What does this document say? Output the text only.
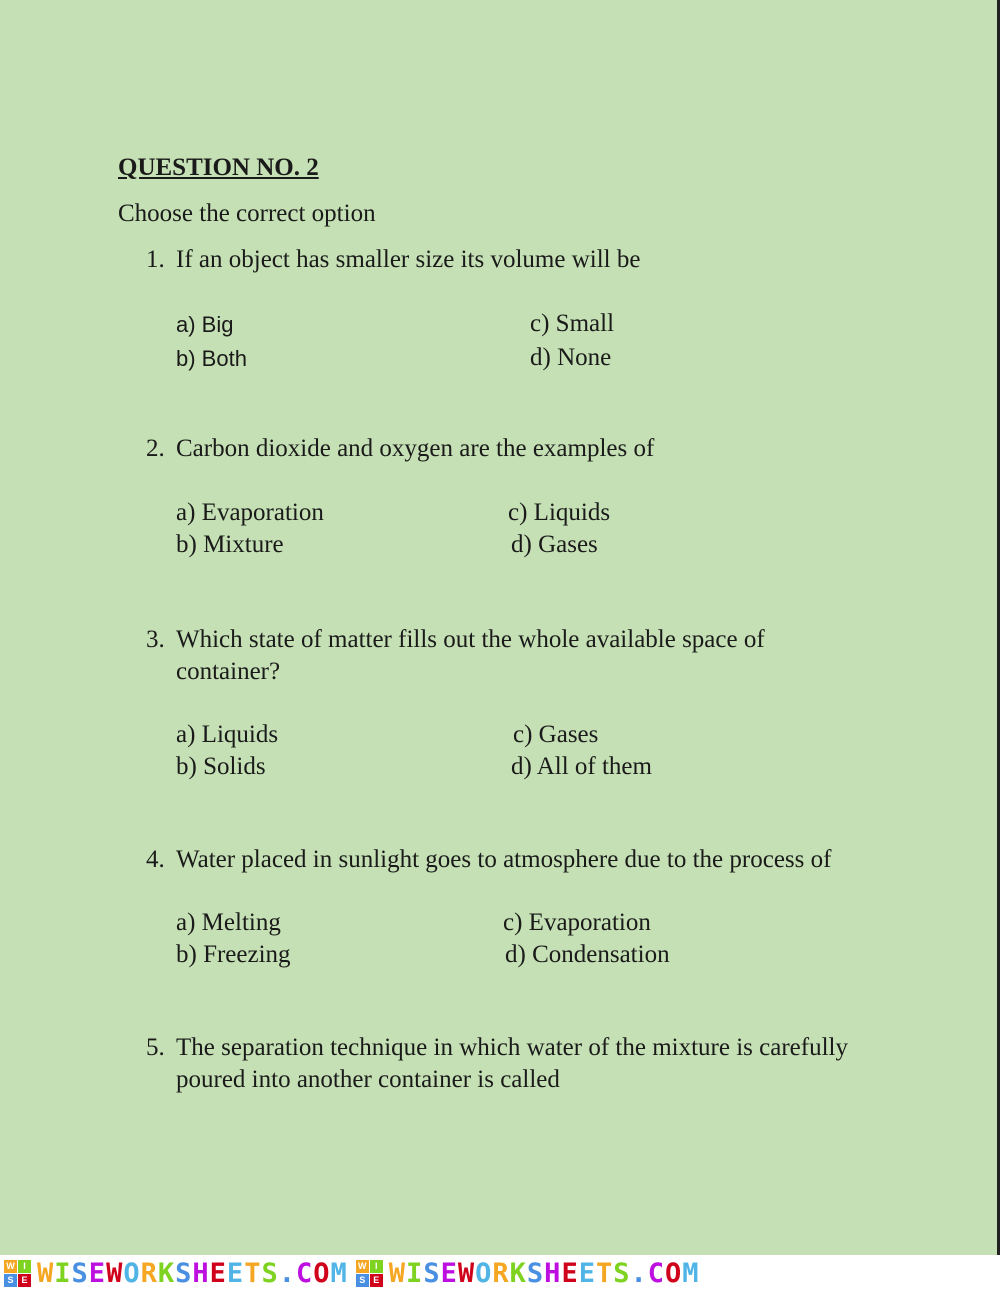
QUESTION NO. 2
Choose the correct option
1. If an object has smaller size its volume will be
a) Big
b) Both
c) Small
d) None
2. Carbon dioxide and oxygen are the examples of
a) Evaporation
b) Mixture
c) Liquids
d) Gases
3. Which state of matter fills out the whole available space of container?
a) Liquids
b) Solids
c) Gases
d) All of them
4. Water placed in sunlight goes to atmosphere due to the process of
a) Melting
b) Freezing
c) Evaporation
d) Condensation
5. The separation technique in which water of the mixture is carefully poured into another container is called
W I
S E WISEWORKSHEETS.COM W I
S E WISEWORKSHEETS.COM
